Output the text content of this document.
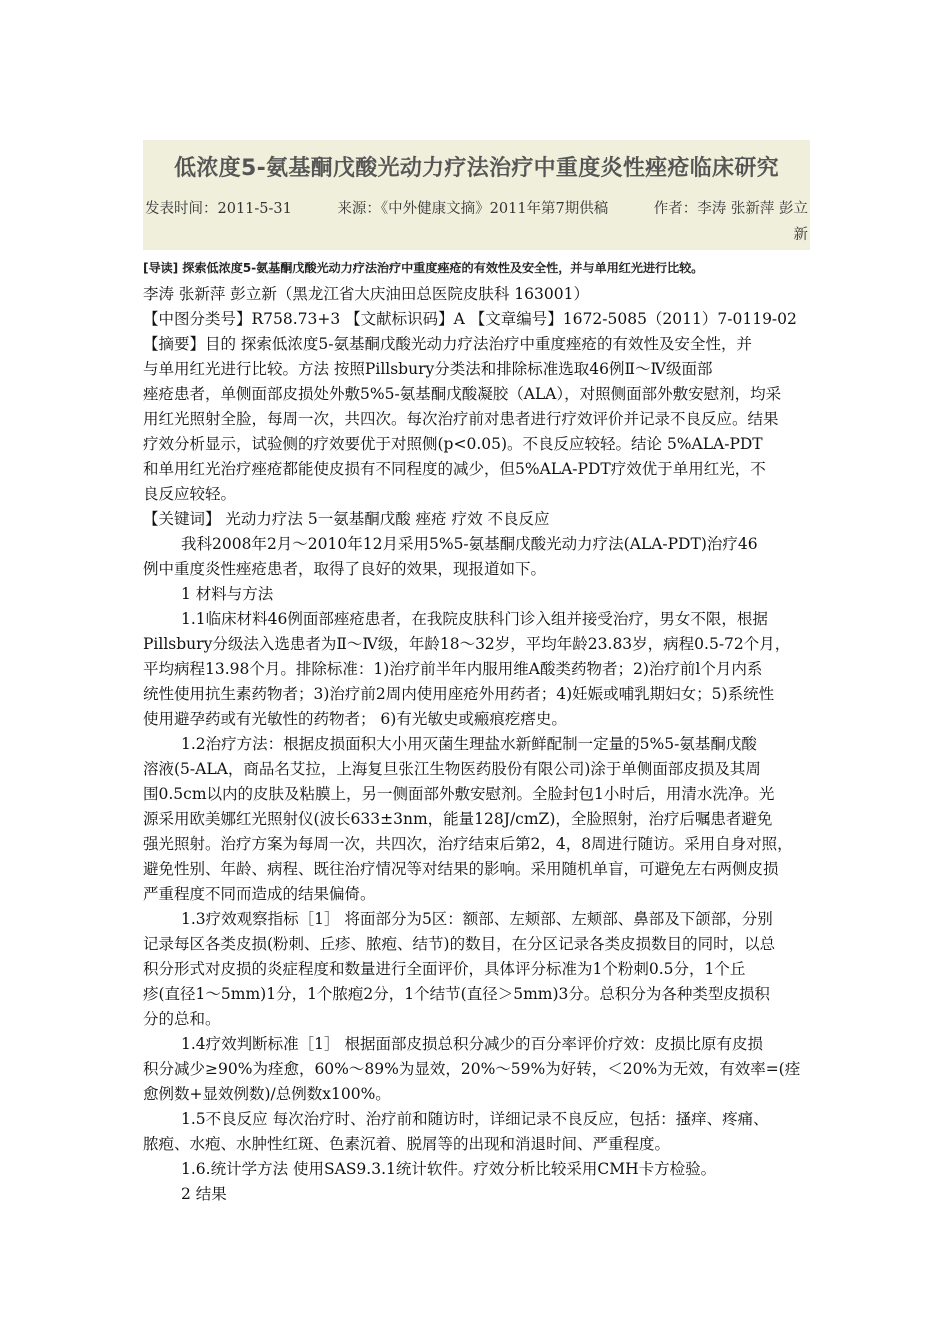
低浓度5-氨基酮戊酸光动力疗法治疗中重度炎性痤疮临床研究
发表时间：2011-5-31	来源：《中外健康文摘》2011年第7期供稿	作者：李涛 张新萍 彭立
新
[导读] 探索低浓度5-氨基酮戊酸光动力疗法治疗中重度痤疮的有效性及安全性，并与单用红光进行比较。
李涛 张新萍 彭立新（黑龙江省大庆油田总医院皮肤科 163001）
【中图分类号】R758.73+3 【文献标识码】A 【文章编号】1672-5085（2011）7-0119-02
【摘要】目的 探索低浓度5-氨基酮戊酸光动力疗法治疗中重度痤疮的有效性及安全性，并
与单用红光进行比较。方法 按照Pillsbury分类法和排除标准选取46例Ⅱ～Ⅳ级面部
痤疮患者，单侧面部皮损处外敷5%5-氨基酮戊酸凝胶（ALA），对照侧面部外敷安慰剂，均采
用红光照射全脸，每周一次，共四次。每次治疗前对患者进行疗效评价并记录不良反应。结果
疗效分析显示，试验侧的疗效要优于对照侧(p<0.05)。不良反应较轻。结论 5%ALA-PDT
和单用红光治疗痤疮都能使皮损有不同程度的减少，但5%ALA-PDT疗效优于单用红光，不
良反应较轻。
【关键词】 光动力疗法 5一氨基酮戊酸 痤疮 疗效 不良反应
我科2008年2月～2010年12月采用5%5-氨基酮戊酸光动力疗法(ALA-PDT)治疗46
例中重度炎性痤疮患者，取得了良好的效果，现报道如下。
1 材料与方法
1.1临床材料46例面部痤疮患者，在我院皮肤科门诊入组并接受治疗，男女不限，根据
Pillsbury分级法入选患者为Ⅱ～Ⅳ级，年龄18～32岁，平均年龄23.83岁，病程0.5-72个月，
平均病程13.98个月。排除标准：1)治疗前半年内服用维A酸类药物者；2)治疗前l个月内系
统性使用抗生素药物者；3)治疗前2周内使用座疮外用药者；4)妊娠或哺乳期妇女；5)系统性
使用避孕药或有光敏性的药物者； 6)有光敏史或瘢痕疙瘩史。
1.2治疗方法：根据皮损面积大小用灭菌生理盐水新鲜配制一定量的5%5-氨基酮戊酸
溶液(5-ALA，商品名艾拉，上海复旦张江生物医药股份有限公司)涂于单侧面部皮损及其周
围0.5cm以内的皮肤及粘膜上，另一侧面部外敷安慰剂。全脸封包1小时后，用清水洗净。光
源采用欧美娜红光照射仪(波长633±3nm，能量128J/cmZ)，全脸照射，治疗后嘱患者避免
强光照射。治疗方案为每周一次，共四次，治疗结束后第2，4，8周进行随访。采用自身对照，
避免性别、年龄、病程、既往治疗情况等对结果的影响。采用随机单盲，可避免左右两侧皮损
严重程度不同而造成的结果偏倚。
1.3疗效观察指标［1］ 将面部分为5区：额部、左颊部、左颊部、鼻部及下颌部，分别
记录每区各类皮损(粉刺、丘疹、脓疱、结节)的数目，在分区记录各类皮损数目的同时，以总
积分形式对皮损的炎症程度和数量进行全面评价，具体评分标准为1个粉刺0.5分，1个丘
疹(直径1～5mm)1分，1个脓疱2分，1个结节(直径＞5mm)3分。总积分为各种类型皮损积
分的总和。
1.4疗效判断标准［1］ 根据面部皮损总积分减少的百分率评价疗效：皮损比原有皮损
积分减少≥90%为痊愈，60%～89%为显效，20%～59%为好转，＜20%为无效，有效率=(痊
愈例数+显效例数)/总例数x100%。
1.5不良反应 每次治疗时、治疗前和随访时，详细记录不良反应，包括：搔痒、疼痛、
脓疱、水疱、水肿性红斑、色素沉着、脱屑等的出现和消退时间、严重程度。
1.6.统计学方法 使用SAS9.3.1统计软件。疗效分析比较采用CMH卡方检验。
2 结果
